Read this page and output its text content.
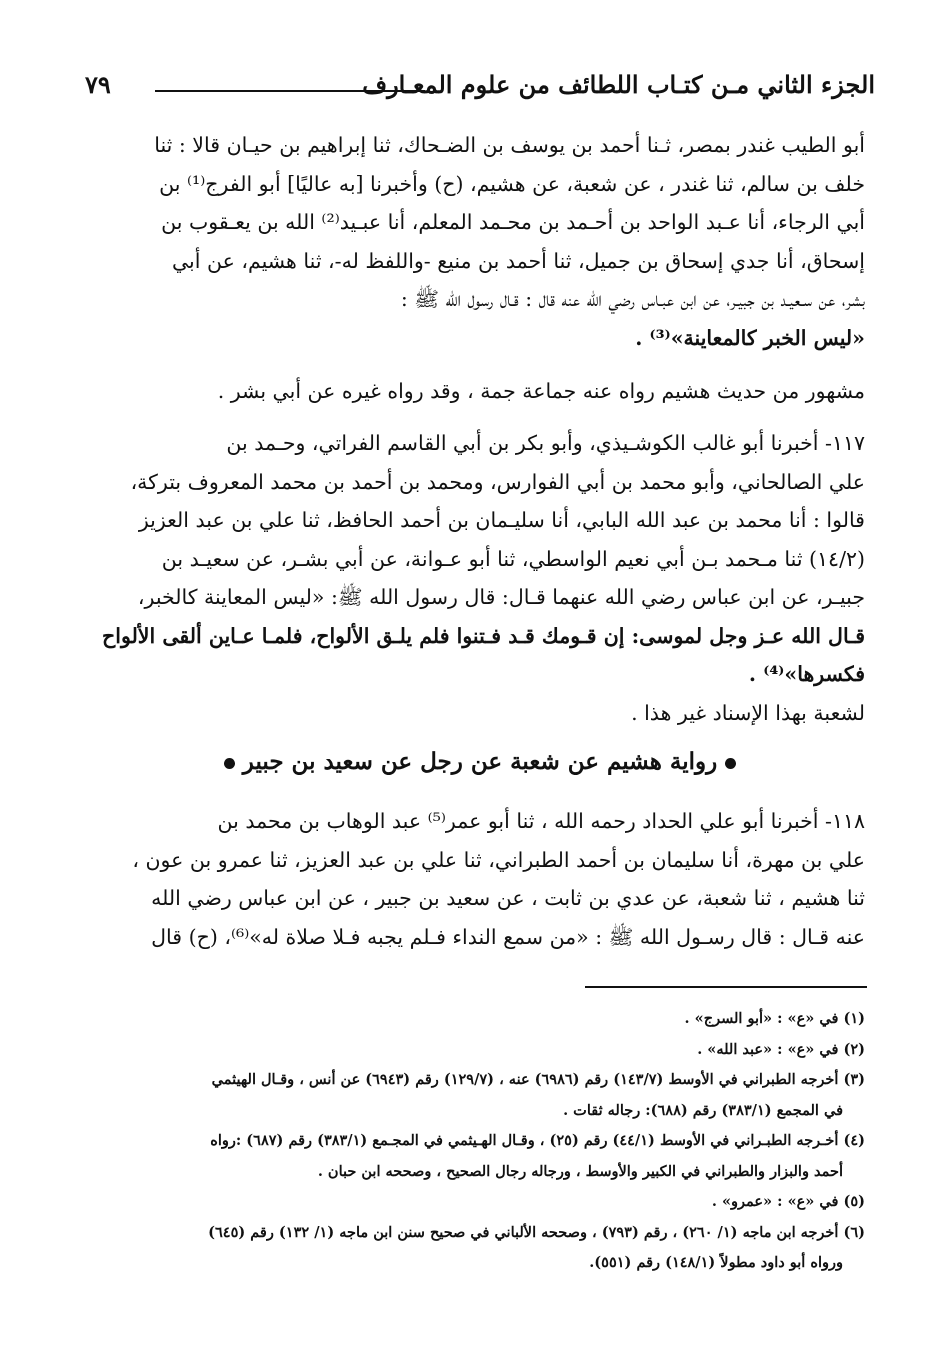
٧٩	الجزء الثاني مـن كتـاب اللطائف من علوم المعـارف
أبو الطيب غندر بمصر، ثـنا أحمد بن يوسف بن الضـحاك، ثنا إبراهيم بن حيـان قالا : ثنا
خلف بن سالم، ثنا غندر ، عن شعبة، عن هشيم، (ح) وأخبرنا [به عاليًا] أبو الفرج⁽¹⁾ بن
أبي الرجاء، أنا عـبد الواحد بن أحـمد بن محـمد المعلم، أنا عبـيد⁽²⁾ الله بن يعـقوب بن
إسحاق، أنا جدي إسحاق بن جميل، ثنا أحمد بن منيع -واللفظ له-، ثنا هشيم، عن أبي
بشر، عن سـعيـد بن جبيـر، عن ابن عبـاس رضي الله عنه قال : قـال رسول الله ﷺ :
«ليس الخبر كالمعاينة»⁽³⁾ .
مشهور من حديث هشيم رواه عنه جماعة جمة ، وقد رواه غيره عن أبي بشر .
١١٧- أخبرنا أبو غالب الكوشـيذي، وأبو بكر بن أبي القاسم الفراتي، وحـمد بن
علي الصالحاني، وأبو محمد بن أبي الفوارس، ومحمد بن أحمد بن محمد المعروف بتركة،
قالوا : أنا محمد بن عبد الله البابي، أنا سليـمان بن أحمد الحافظ، ثنا علي بن عبد العزيز
(١٤/٢) ثنا مـحمد بـن أبي نعيم الواسطي، ثنا أبو عـوانة، عن أبي بشـر، عن سعيـد بن
جبيـر، عن ابن عباس رضي الله عنهما قـال: قال رسول الله ﷺ: «ليس المعاينة كالخبر،
قـال الله عـز وجل لموسى: إن قـومك قـد فـتنوا فلم يلـق الألواح، فلمـا عـاين ألقى الألواح
فكسرها»⁽⁴⁾ .
لشعبة بهذا الإسناد غير هذا .
رواية هشيم عن شعبة عن رجل عن سعيد بن جبير
١١٨- أخبرنا أبو علي الحداد رحمه الله ، ثنا أبو عمر⁽⁵⁾ عبد الوهاب بن محمد بن
علي بن مهرة، أنا سليمان بن أحمد الطبراني، ثنا علي بن عبد العزيز، ثنا عمرو بن عون ،
ثنا هشيم ، ثنا شعبة، عن عدي بن ثابت ، عن سعيد بن جبير ، عن ابن عباس رضي الله
عنه قـال : قال رسـول الله ﷺ : «من سمع النداء فـلم يجبه فـلا صلاة له»⁽⁶⁾، (ح) قال
(١) في «ع» : «أبو السرج» .
(٢) في «ع» : «عبد الله» .
(٣) أخرجه الطبراني في الأوسط (١٤٣/٧) رقم (٦٩٨٦) عنه ، (١٢٩/٧) رقم (٦٩٤٣) عن أنس ، وقـال الهيثمي
في المجمع (٣٨٣/١) رقم (٦٨٨): رجاله ثقات .
(٤) أخـرجه الطبـراني في الأوسط (٤٤/١) رقم (٢٥) ، وقـال الهـيثمي في المجـمع (٣٨٣/١) رقم (٦٨٧) :رواه
أحمد والبزار والطبراني في الكبير والأوسط ، ورجاله رجال الصحيح ، وصححه ابن حبان .
(٥) في «ع» : «عمرو» .
(٦) أخرجه ابن ماجه (١/ ٢٦٠) ، رقم (٧٩٣) ، وصححه الألباني في صحيح سنن ابن ماجه (١/ ١٣٢) رقم (٦٤٥)
ورواه أبو داود مطولاً (١٤٨/١) رقم (٥٥١).
